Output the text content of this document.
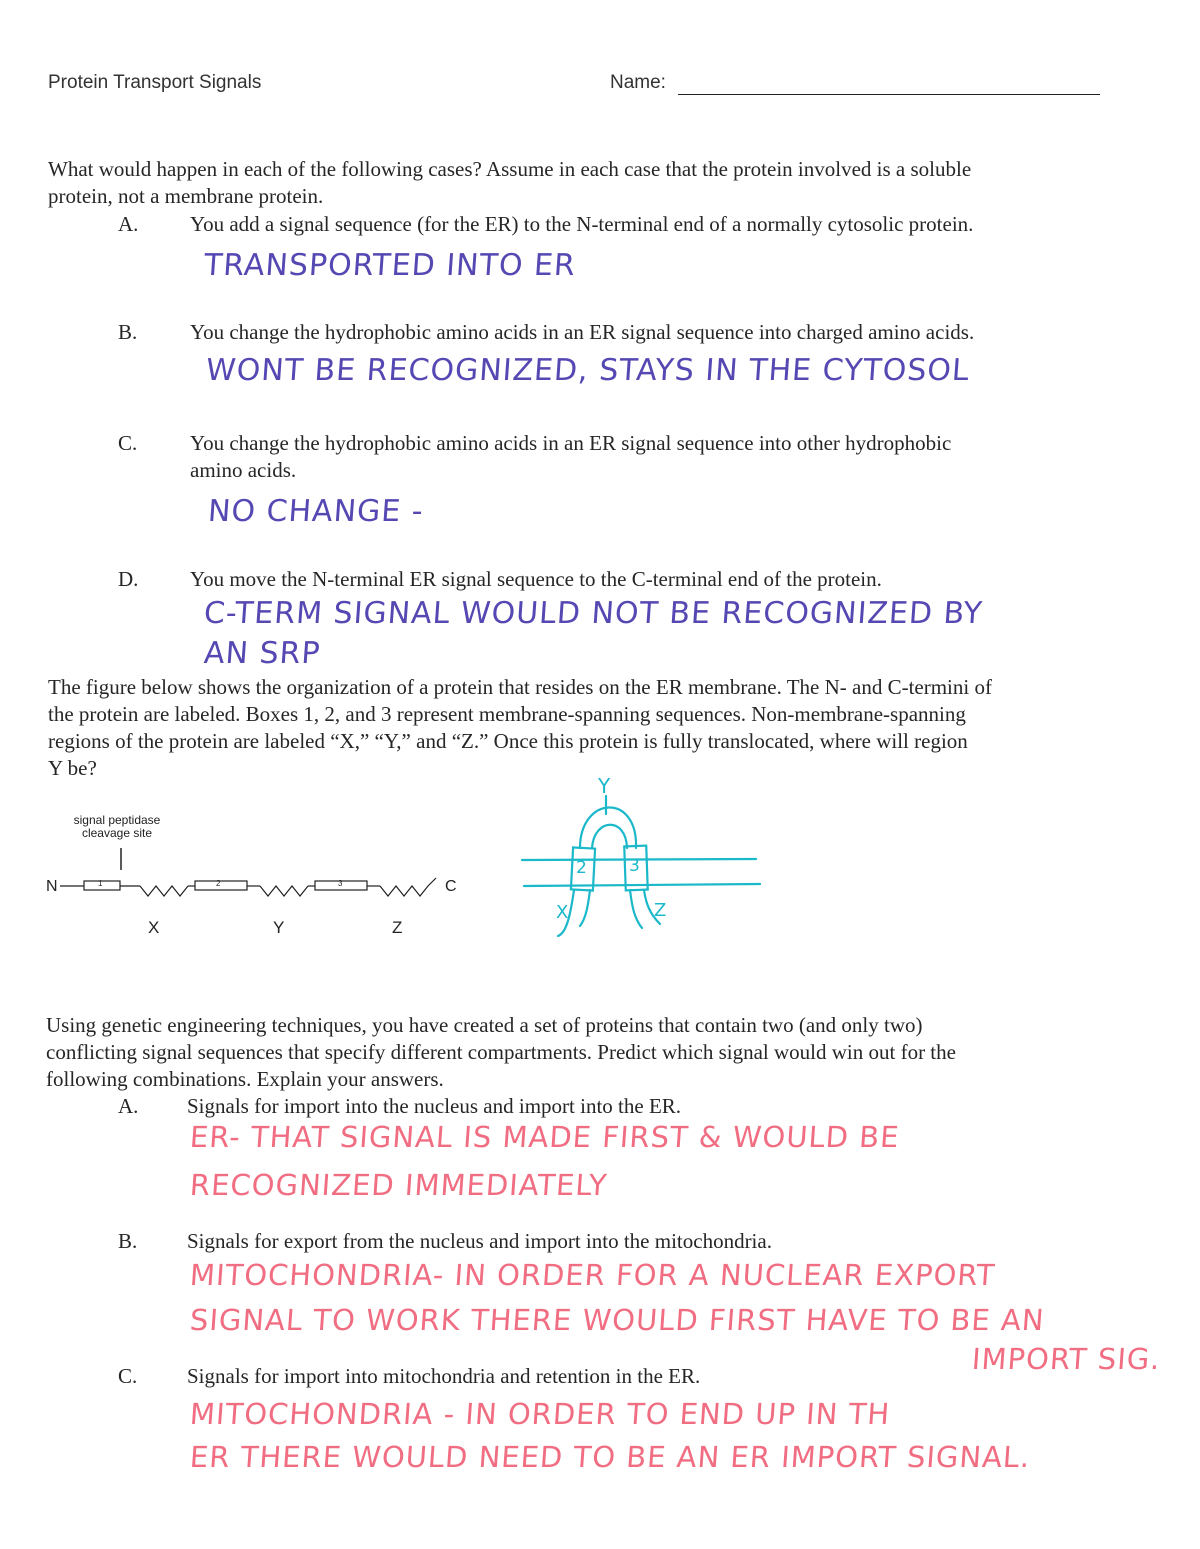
Protein Transport Signals	Name:
What would happen in each of the following cases? Assume in each case that the protein involved is a soluble
protein, not a membrane protein.
A.	You add a signal sequence (for the ER) to the N-terminal end of a normally cytosolic protein.
TRANSPORTED INTO ER
B.	You change the hydrophobic amino acids in an ER signal sequence into charged amino acids.
WONT BE RECOGNIZED, STAYS IN THE CYTOSOL
C.	You change the hydrophobic amino acids in an ER signal sequence into other hydrophobic
amino acids.
NO CHANGE -
D.	You move the N-terminal ER signal sequence to the C-terminal end of the protein.
C-TERM SIGNAL WOULD NOT BE RECOGNIZED BY
AN SRP
The figure below shows the organization of a protein that resides on the ER membrane. The N- and C-termini of
the protein are labeled. Boxes 1, 2, and 3 represent membrane-spanning sequences. Non-membrane-spanning
regions of the protein are labeled “X,” “Y,” and “Z.” Once this protein is fully translocated, where will region
Y be?
signal peptidase
cleavage site
N	C
1	2	3
X	Y	Z
Y
X	Z
2 3
Using genetic engineering techniques, you have created a set of proteins that contain two (and only two)
conflicting signal sequences that specify different compartments. Predict which signal would win out for the
following combinations. Explain your answers.
A.	Signals for import into the nucleus and import into the ER.
ER- THAT SIGNAL IS MADE FIRST & WOULD BE
RECOGNIZED IMMEDIATELY
B.	Signals for export from the nucleus and import into the mitochondria.
MITOCHONDRIA- IN ORDER FOR A NUCLEAR EXPORT
SIGNAL TO WORK THERE WOULD FIRST HAVE TO BE AN
IMPORT SIG.
C.	Signals for import into mitochondria and retention in the ER.
MITOCHONDRIA - IN ORDER TO END UP IN TH
ER THERE WOULD NEED TO BE AN ER IMPORT SIGNAL.
